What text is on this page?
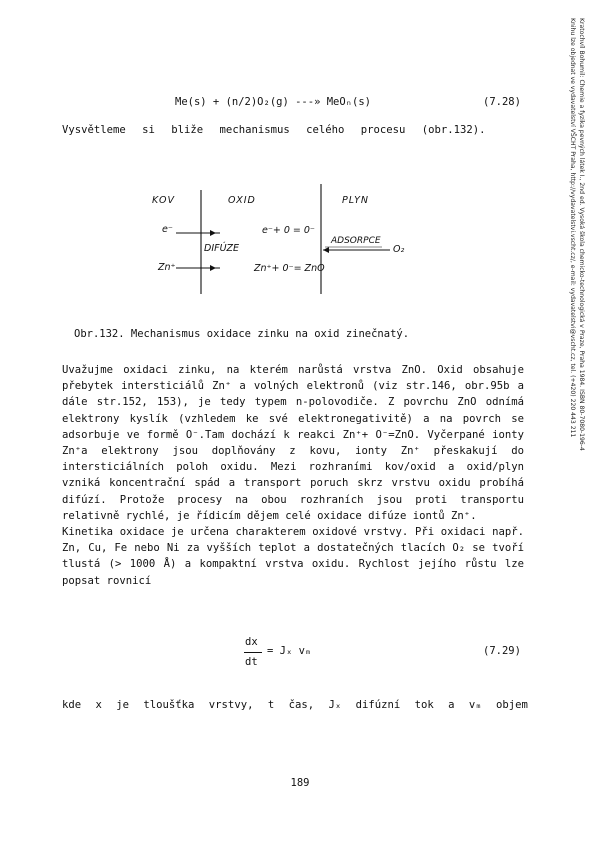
Kratochvíl Bohumil: Chemie a fyzika pevných látek I., 2nd ed. Vysoká škola chemicko-technologická v Praze, Praha 1984. ISBN 80-7080-196-4
Knihu lze objednat ve vydavatelství VŠCHT Praha, http://vydavatelstvi.vscht.cz/, e-mail: vydavatelstvi@vscht.cz, tel. (+420) 220 443 211
Me(s) + (n/2)O₂(g) ---» MeOₙ(s)	(7.28)
Vysvětleme si bliže mechanismus celého procesu (obr.132).
KOV	OXID	PLYN
e⁻
DIFÚZE
Zn⁺
e⁻+ 0 = 0⁻
Zn⁺+ 0⁻= ZnO
ADSORPCE
O₂
Obr.132. Mechanismus oxidace zinku na oxid zinečnatý.

Uvažujme oxidaci zinku, na kterém narůstá vrstva ZnO. Oxid obsahuje přebytek intersticiálů Zn⁺ a volných elektronů (viz str.146, obr.95b a dále str.152, 153), je tedy typem n-polovodiče. Z povrchu ZnO odnímá elektrony kyslík (vzhledem ke své elektronegativitě) a na povrch se adsorbuje ve formě O⁻.Tam dochází k reakci Zn⁺+ O⁻=ZnO. Vyčerpané ionty Zn⁺a elektrony jsou doplňovány z kovu, ionty Zn⁺ přeskakují do intersticiálních poloh oxidu. Mezi rozhraními kov/oxid a oxid/plyn vzniká koncentrační spád a transport poruch skrz vrstvu oxidu probíhá difúzí. Protože procesy na obou rozhraních jsou proti transportu relativně rychlé, je řídicím dějem celé oxidace difúze iontů Zn⁺.

Kinetika oxidace je určena charakterem oxidové vrstvy. Při oxidaci např. Zn, Cu, Fe nebo Ni za vyšších teplot a dostatečných tlacích O₂ se tvoří tlustá (> 1000 Å) a kompaktní vrstva oxidu. Rychlost jejího růstu lze popsat rovnicí

dx
dt
= Jₓ vₘ	(7.29)
kde x je tloušťka vrstvy, t čas, Jₓ difúzní tok a vₘ objem
189
